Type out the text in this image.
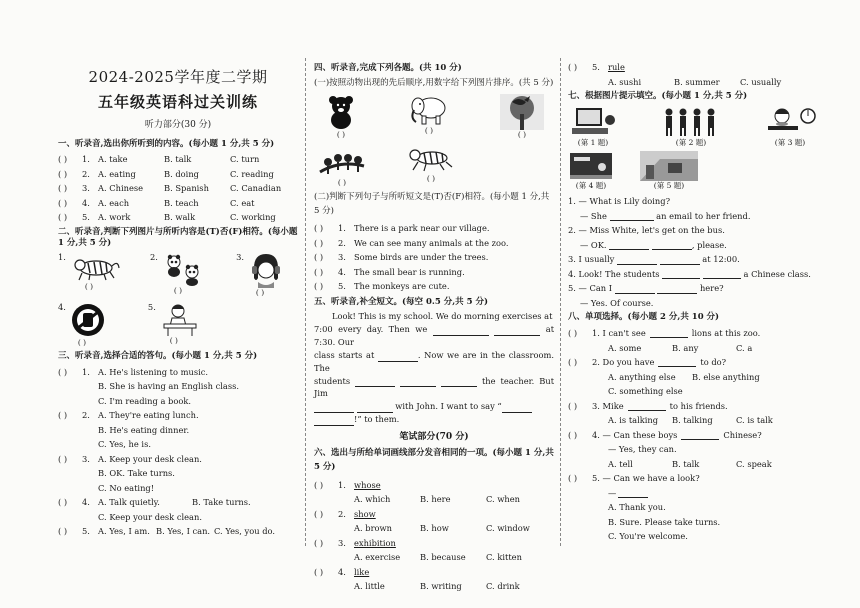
2024-2025学年度二学期
五年级英语科过关训练
听力部分(30 分)
一、听录音,选出你所听到的内容。(每小题 1 分,共 5 分)
( )	1. A. take	B. talk	C. turn
( )	2. A. eating	B. doing	C. reading
( )	3. A. Chinese	B. Spanish	C. Canadian
( )	4. A. each	B. teach	C. eat
( )	5. A. work	B. walk	C. working
二、听录音,判断下列图片与所听内容是(T)否(F)相符。(每小题 1 分,共 5 分)
1.
( )
2.
( )
3.
( )
4.
( )
5.
( )
三、听录音,选择合适的答句。(每小题 1 分,共 5 分)
( )	1. A. He's listening to music.
B. She is having an English class.
C. I'm reading a book.
( )	2. A. They're eating lunch.
B. He's eating dinner.
C. Yes, he is.
( )	3. A. Keep your desk clean.
B. OK. Take turns.
C. No eating!
( )	4. A. Talk quietly.	B. Take turns.
C. Keep your desk clean.
( )	5. A. Yes, I am. B. Yes, I can. C. Yes, you do.
四、听录音,完成下列各题。(共 10 分)
(一)按照动物出现的先后顺序,用数字给下列图片排序。(共 5 分)
( )	( )	( )
( )	( )
(二)判断下列句子与所听短文是(T)否(F)相符。(每小题 1 分,共 5 分)
( )	1. There is a park near our village.
( )	2. We can see many animals at the zoo.
( )	3. Some birds are under the trees.
( )	4. The small bear is running.
( )	5. The monkeys are cute.
五、听录音,补全短文。(每空 0.5 分,共 5 分)
Look! This is my school. We do morning exercises at
7:00 every day. Then we	at 7:30. Our
class starts at	. Now we are in the classroom. The
students	the teacher. But Jim
with John. I want to say “
!” to them.
笔试部分(70 分)
六、选出与所给单词画线部分发音相同的一项。(每小题 1 分,共 5 分)
( )	1. whose
A. which	B. here	C. when
( )	2. show
A. brown	B. how	C. window
( )	3. exhibition
A. exercise	B. because	C. kitten
( )	4. like
A. little	B. writing	C. drink
( )	5. rule
A. sushi	B. summer	C. usually
七、根据图片提示填空。(每小题 1 分,共 5 分)
(第 1 题)	(第 2 题)	(第 3 题)
(第 4 题)	(第 5 题)
1. — What is Lily doing?
— She

	an email to her friend.
2. — Miss White, let's get on the bus.
— OK.

	, please.
3. I usually

	at 12:00.
4. Look! The students

	a Chinese class.
5. — Can I

	here?
— Yes. Of course.
八、单项选择。(每小题 2 分,共 10 分)
( )	1. I can't see	lions at this zoo.
A. some	B. any	C. a
( )	2. Do you have	to do?
A. anything else	B. else anything
C. something else
( )	3. Mike	to his friends.
A. is talking	B. talking	C. is talk
( )	4. — Can these boys	Chinese?
— Yes, they can.
A. tell	B. talk	C. speak
( )	5. — Can we have a look?
—
A. Thank you.
B. Sure. Please take turns.
C. You're welcome.
